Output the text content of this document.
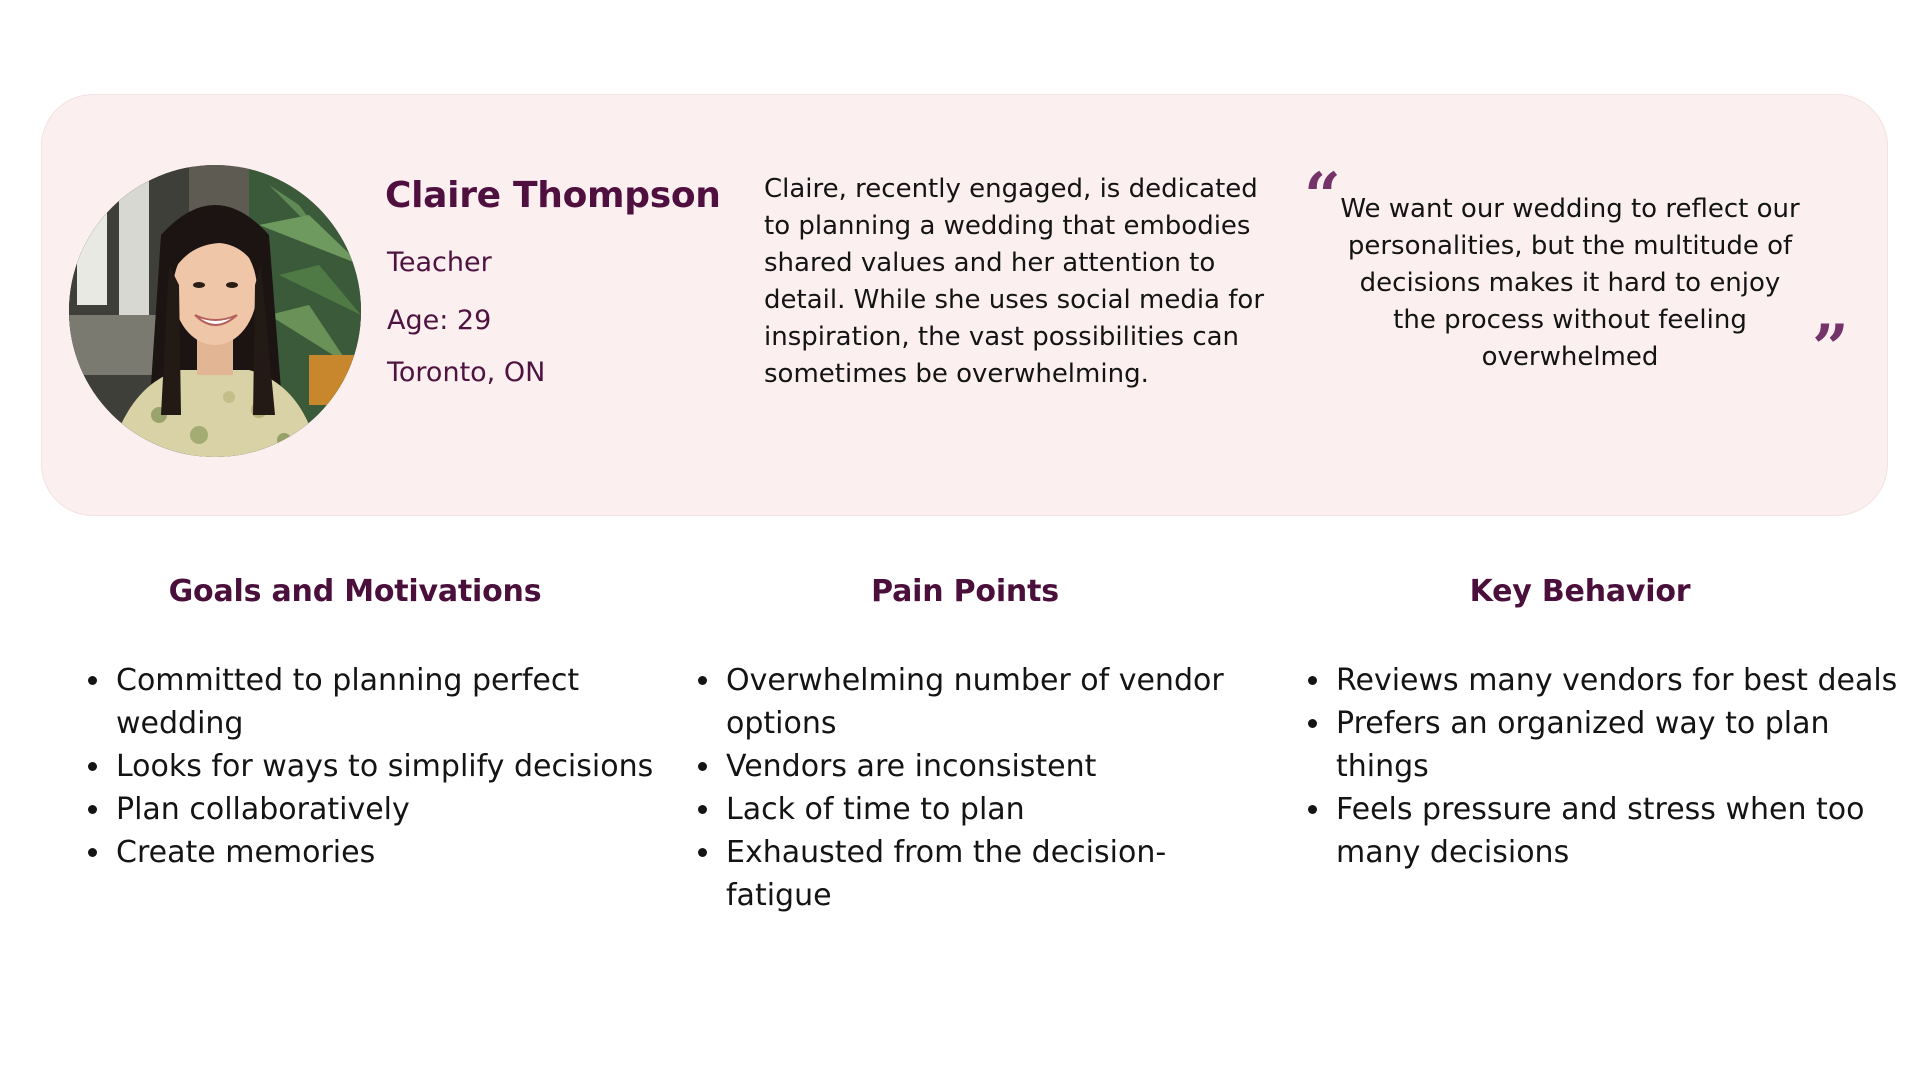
Claire Thompson
Teacher
Age: 29
Toronto, ON

Claire, recently engaged, is dedicated to planning a wedding that embodies shared values and her attention to detail. While she uses social media for inspiration, the vast possibilities can sometimes be overwhelming.

“ We want our wedding to reflect our personalities, but the multitude of decisions makes it hard to enjoy the process without feeling overwhelmed	”
Goals and Motivations
Committed to planning perfect wedding
Looks for ways to simplify decisions
Plan collaboratively
Create memories
Pain Points
Overwhelming number of vendor options
Vendors are inconsistent
Lack of time to plan
Exhausted from the decision-fatigue
Key Behavior
Reviews many vendors for best deals
Prefers an organized way to plan things
Feels pressure and stress when too many decisions
